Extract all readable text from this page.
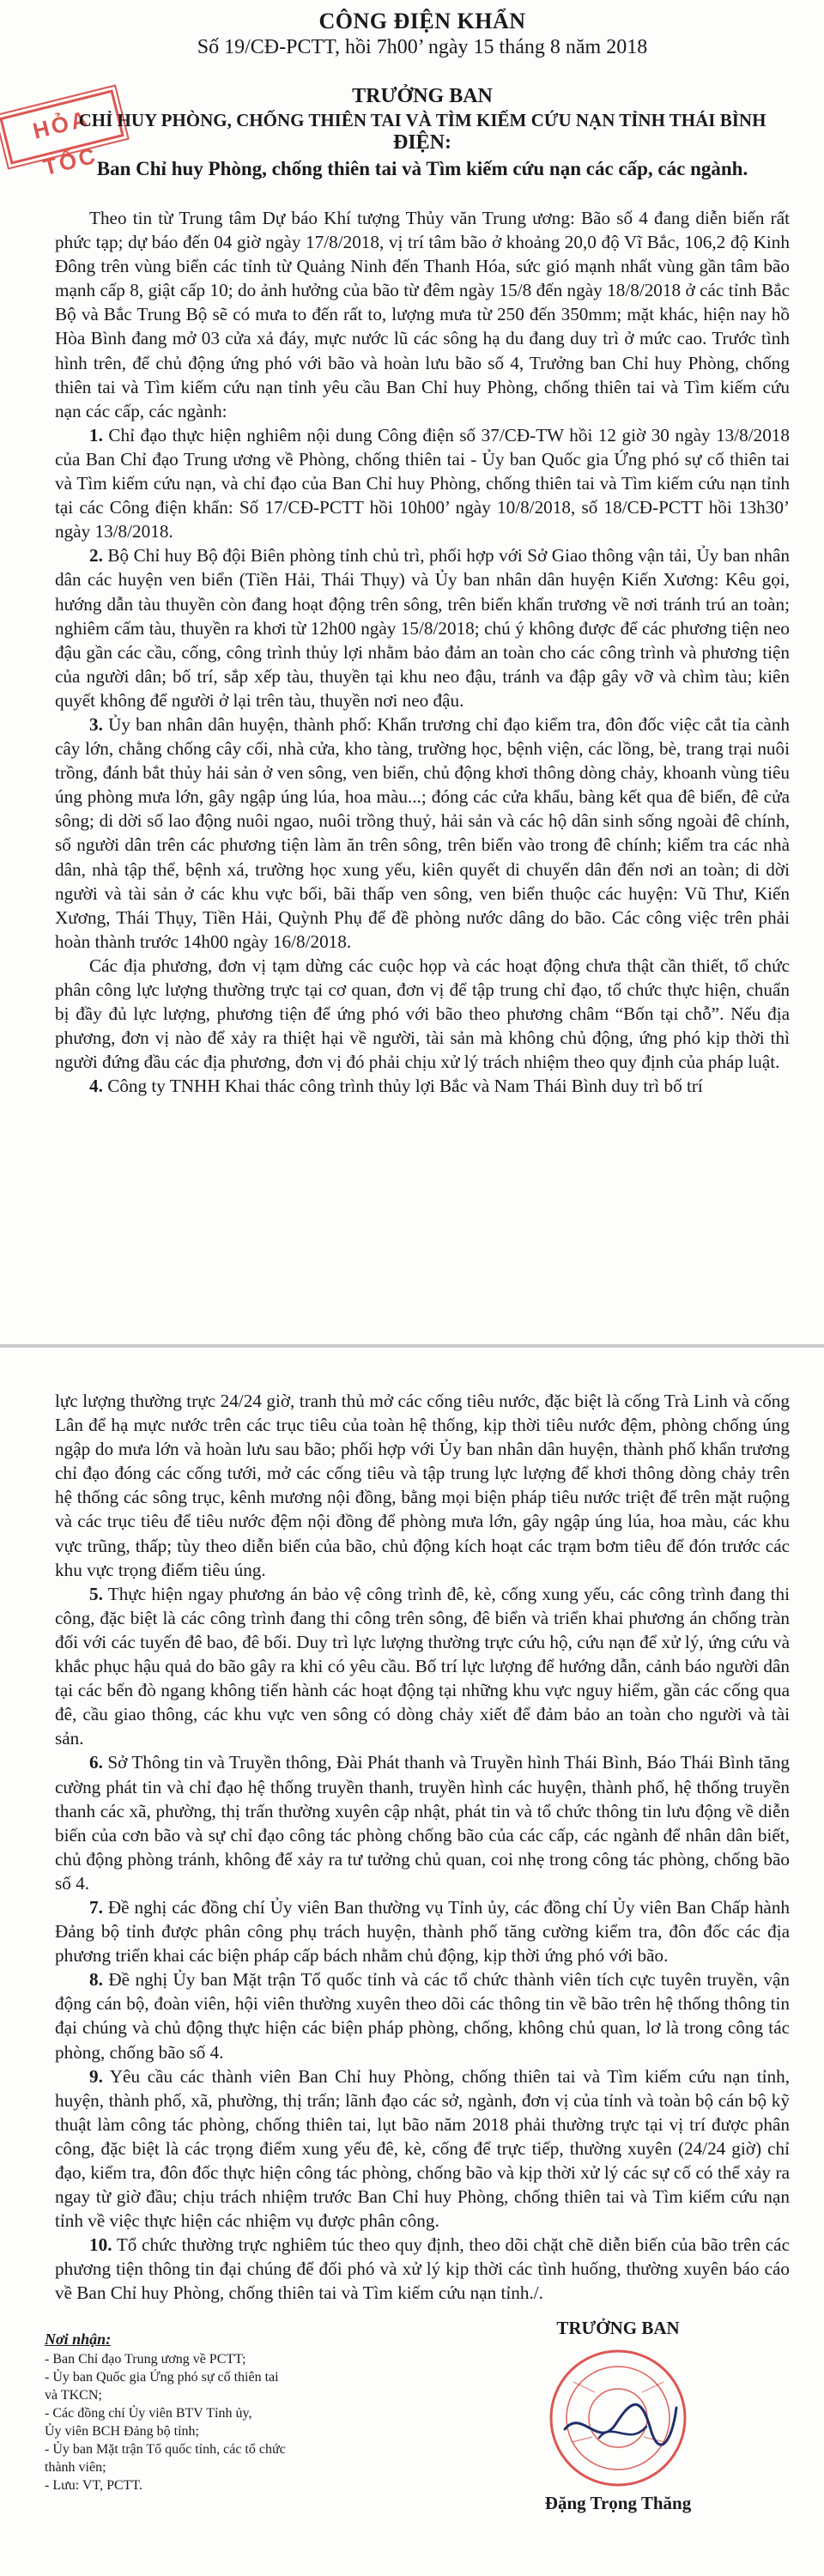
HỎA TỐC
CÔNG ĐIỆN KHẨN
Số 19/CĐ-PCTT, hồi 7h00’ ngày 15 tháng 8 năm 2018
TRƯỞNG BAN
CHỈ HUY PHÒNG, CHỐNG THIÊN TAI VÀ TÌM KIẾM CỨU NẠN TỈNH THÁI BÌNH
ĐIỆN:
Ban Chỉ huy Phòng, chống thiên tai và Tìm kiếm cứu nạn các cấp, các ngành.

Theo tin từ Trung tâm Dự báo Khí tượng Thủy văn Trung ương: Bão số 4 đang diễn biến rất phức tạp; dự báo đến 04 giờ ngày 17/8/2018, vị trí tâm bão ở khoảng 20,0 độ Vĩ Bắc, 106,2 độ Kinh Đông trên vùng biển các tỉnh từ Quảng Ninh đến Thanh Hóa, sức gió mạnh nhất vùng gần tâm bão mạnh cấp 8, giật cấp 10; do ảnh hưởng của bão từ đêm ngày 15/8 đến ngày 18/8/2018 ở các tỉnh Bắc Bộ và Bắc Trung Bộ sẽ có mưa to đến rất to, lượng mưa từ 250 đến 350mm; mặt khác, hiện nay hồ Hòa Bình đang mở 03 cửa xả đáy, mực nước lũ các sông hạ du đang duy trì ở mức cao. Trước tình hình trên, để chủ động ứng phó với bão và hoàn lưu bão số 4, Trưởng ban Chỉ huy Phòng, chống thiên tai và Tìm kiếm cứu nạn tỉnh yêu cầu Ban Chỉ huy Phòng, chống thiên tai và Tìm kiếm cứu nạn các cấp, các ngành:

1. Chỉ đạo thực hiện nghiêm nội dung Công điện số 37/CĐ-TW hồi 12 giờ 30 ngày 13/8/2018 của Ban Chỉ đạo Trung ương về Phòng, chống thiên tai - Ủy ban Quốc gia Ứng phó sự cố thiên tai và Tìm kiếm cứu nạn, và chỉ đạo của Ban Chỉ huy Phòng, chống thiên tai và Tìm kiếm cứu nạn tỉnh tại các Công điện khẩn: Số 17/CĐ-PCTT hồi 10h00’ ngày 10/8/2018, số 18/CĐ-PCTT hồi 13h30’ ngày 13/8/2018.

2. Bộ Chỉ huy Bộ đội Biên phòng tỉnh chủ trì, phối hợp với Sở Giao thông vận tải, Ủy ban nhân dân các huyện ven biển (Tiền Hải, Thái Thụy) và Ủy ban nhân dân huyện Kiến Xương: Kêu gọi, hướng dẫn tàu thuyền còn đang hoạt động trên sông, trên biển khẩn trương về nơi tránh trú an toàn; nghiêm cấm tàu, thuyền ra khơi từ 12h00 ngày 15/8/2018; chú ý không được để các phương tiện neo đậu gần các cầu, cống, công trình thủy lợi nhằm bảo đảm an toàn cho các công trình và phương tiện của người dân; bố trí, sắp xếp tàu, thuyền tại khu neo đậu, tránh va đập gây vỡ và chìm tàu; kiên quyết không để người ở lại trên tàu, thuyền nơi neo đậu.

3. Ủy ban nhân dân huyện, thành phố: Khẩn trương chỉ đạo kiểm tra, đôn đốc việc cắt tỉa cành cây lớn, chằng chống cây cối, nhà cửa, kho tàng, trường học, bệnh viện, các lồng, bè, trang trại nuôi trồng, đánh bắt thủy hải sản ở ven sông, ven biển, chủ động khơi thông dòng chảy, khoanh vùng tiêu úng phòng mưa lớn, gây ngập úng lúa, hoa màu...; đóng các cửa khẩu, bàng kết qua đê biển, đê cửa sông; di dời số lao động nuôi ngao, nuôi trồng thuỷ, hải sản và các hộ dân sinh sống ngoài đê chính, số người dân trên các phương tiện làm ăn trên sông, trên biển vào trong đê chính; kiểm tra các nhà dân, nhà tập thể, bệnh xá, trường học xung yếu, kiên quyết di chuyển dân đến nơi an toàn; di dời người và tài sản ở các khu vực bối, bãi thấp ven sông, ven biển thuộc các huyện: Vũ Thư, Kiến Xương, Thái Thụy, Tiền Hải, Quỳnh Phụ để đề phòng nước dâng do bão. Các công việc trên phải hoàn thành trước 14h00 ngày 16/8/2018.

Các địa phương, đơn vị tạm dừng các cuộc họp và các hoạt động chưa thật cần thiết, tổ chức phân công lực lượng thường trực tại cơ quan, đơn vị để tập trung chỉ đạo, tổ chức thực hiện, chuẩn bị đầy đủ lực lượng, phương tiện để ứng phó với bão theo phương châm “Bốn tại chỗ”. Nếu địa phương, đơn vị nào để xảy ra thiệt hại về người, tài sản mà không chủ động, ứng phó kịp thời thì người đứng đầu các địa phương, đơn vị đó phải chịu xử lý trách nhiệm theo quy định của pháp luật.

4. Công ty TNHH Khai thác công trình thủy lợi Bắc và Nam Thái Bình duy trì bố trí

lực lượng thường trực 24/24 giờ, tranh thủ mở các cống tiêu nước, đặc biệt là cống Trà Linh và cống Lân để hạ mực nước trên các trục tiêu của toàn hệ thống, kịp thời tiêu nước đệm, phòng chống úng ngập do mưa lớn và hoàn lưu sau bão; phối hợp với Ủy ban nhân dân huyện, thành phố khẩn trương chỉ đạo đóng các cống tưới, mở các cống tiêu và tập trung lực lượng để khơi thông dòng chảy trên hệ thống các sông trục, kênh mương nội đồng, bằng mọi biện pháp tiêu nước triệt để trên mặt ruộng và các trục tiêu để tiêu nước đệm nội đồng để phòng mưa lớn, gây ngập úng lúa, hoa màu, các khu vực trũng, thấp; tùy theo diễn biến của bão, chủ động kích hoạt các trạm bơm tiêu để đón trước các khu vực trọng điểm tiêu úng.

5. Thực hiện ngay phương án bảo vệ công trình đê, kè, cống xung yếu, các công trình đang thi công, đặc biệt là các công trình đang thi công trên sông, đê biển và triển khai phương án chống tràn đối với các tuyến đê bao, đê bối. Duy trì lực lượng thường trực cứu hộ, cứu nạn để xử lý, ứng cứu và khắc phục hậu quả do bão gây ra khi có yêu cầu. Bố trí lực lượng để hướng dẫn, cảnh báo người dân tại các bến đò ngang không tiến hành các hoạt động tại những khu vực nguy hiểm, gần các cống qua đê, cầu giao thông, các khu vực ven sông có dòng chảy xiết để đảm bảo an toàn cho người và tài sản.

6. Sở Thông tin và Truyền thông, Đài Phát thanh và Truyền hình Thái Bình, Báo Thái Bình tăng cường phát tin và chỉ đạo hệ thống truyền thanh, truyền hình các huyện, thành phố, hệ thống truyền thanh các xã, phường, thị trấn thường xuyên cập nhật, phát tin và tổ chức thông tin lưu động về diễn biến của cơn bão và sự chỉ đạo công tác phòng chống bão của các cấp, các ngành để nhân dân biết, chủ động phòng tránh, không để xảy ra tư tưởng chủ quan, coi nhẹ trong công tác phòng, chống bão số 4.

7. Đề nghị các đồng chí Ủy viên Ban thường vụ Tỉnh ủy, các đồng chí Ủy viên Ban Chấp hành Đảng bộ tỉnh được phân công phụ trách huyện, thành phố tăng cường kiểm tra, đôn đốc các địa phương triển khai các biện pháp cấp bách nhằm chủ động, kịp thời ứng phó với bão.

8. Đề nghị Ủy ban Mặt trận Tổ quốc tỉnh và các tổ chức thành viên tích cực tuyên truyền, vận động cán bộ, đoàn viên, hội viên thường xuyên theo dõi các thông tin về bão trên hệ thống thông tin đại chúng và chủ động thực hiện các biện pháp phòng, chống, không chủ quan, lơ là trong công tác phòng, chống bão số 4.

9. Yêu cầu các thành viên Ban Chỉ huy Phòng, chống thiên tai và Tìm kiếm cứu nạn tỉnh, huyện, thành phố, xã, phường, thị trấn; lãnh đạo các sở, ngành, đơn vị của tỉnh và toàn bộ cán bộ kỹ thuật làm công tác phòng, chống thiên tai, lụt bão năm 2018 phải thường trực tại vị trí được phân công, đặc biệt là các trọng điểm xung yếu đê, kè, cống để trực tiếp, thường xuyên (24/24 giờ) chỉ đạo, kiểm tra, đôn đốc thực hiện công tác phòng, chống bão và kịp thời xử lý các sự cố có thể xảy ra ngay từ giờ đầu; chịu trách nhiệm trước Ban Chỉ huy Phòng, chống thiên tai và Tìm kiếm cứu nạn tỉnh về việc thực hiện các nhiệm vụ được phân công.

10. Tổ chức thường trực nghiêm túc theo quy định, theo dõi chặt chẽ diễn biến của bão trên các phương tiện thông tin đại chúng để đối phó và xử lý kịp thời các tình huống, thường xuyên báo cáo về Ban Chỉ huy Phòng, chống thiên tai và Tìm kiếm cứu nạn tỉnh./.

Nơi nhận:
- Ban Chỉ đạo Trung ương về PCTT;
- Ủy ban Quốc gia Ứng phó sự cố thiên tai
và TKCN;
- Các đồng chí Ủy viên BTV Tỉnh ủy,
Ủy viên BCH Đảng bộ tỉnh;
- Ủy ban Mặt trận Tổ quốc tỉnh, các tổ chức
thành viên;
- Lưu: VT, PCTT.
TRƯỞNG BAN
Đặng Trọng Thăng
